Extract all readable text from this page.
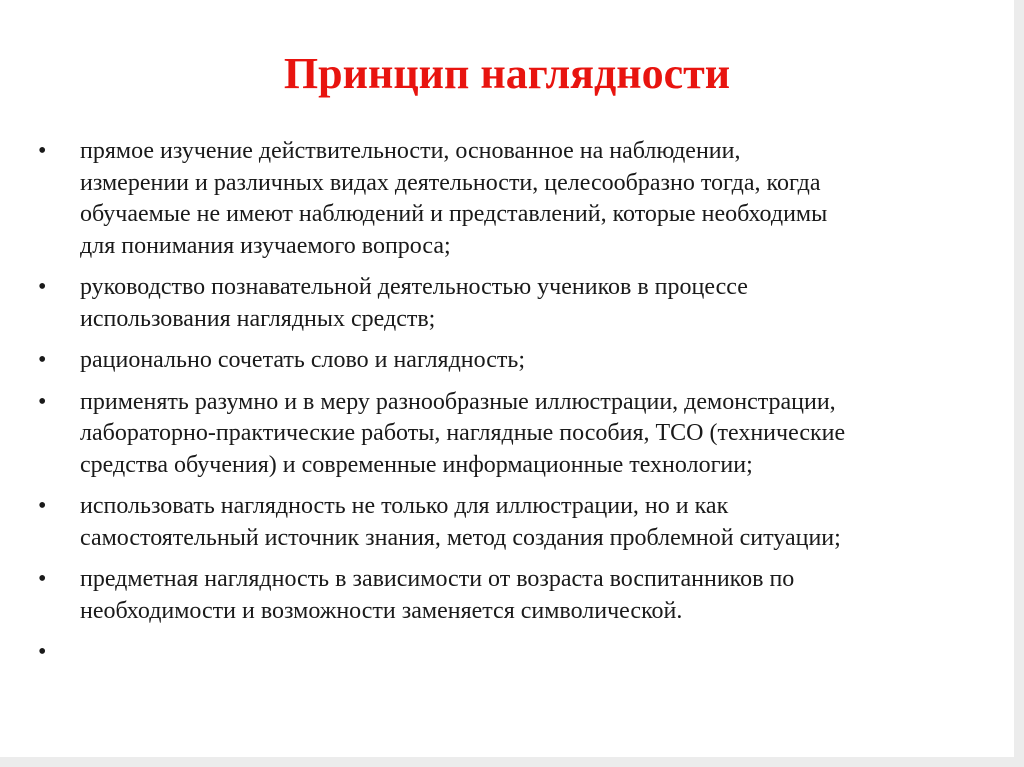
Принцип наглядности
•	прямое изучение действительности, основанное на наблюдении,
измерении и различных видах деятельности, целесообразно тогда, когда
обучаемые не имеют наблюдений и представлений, которые необходимы
для понимания изучаемого вопроса;
•	руководство познавательной деятельностью учеников в процессе
использования наглядных средств;
•	рационально сочетать слово и наглядность;
•	применять разумно и в меру разнообразные иллюстрации, демонстрации,
лабораторно-практические работы, наглядные пособия, ТСО (технические
средства обучения) и современные информационные технологии;
•	использовать наглядность не только для иллюстрации, но и как
самостоятельный источник знания, метод создания проблемной ситуации;
•	предметная наглядность в зависимости от возраста воспитанников по
необходимости и возможности заменяется символической.
•
